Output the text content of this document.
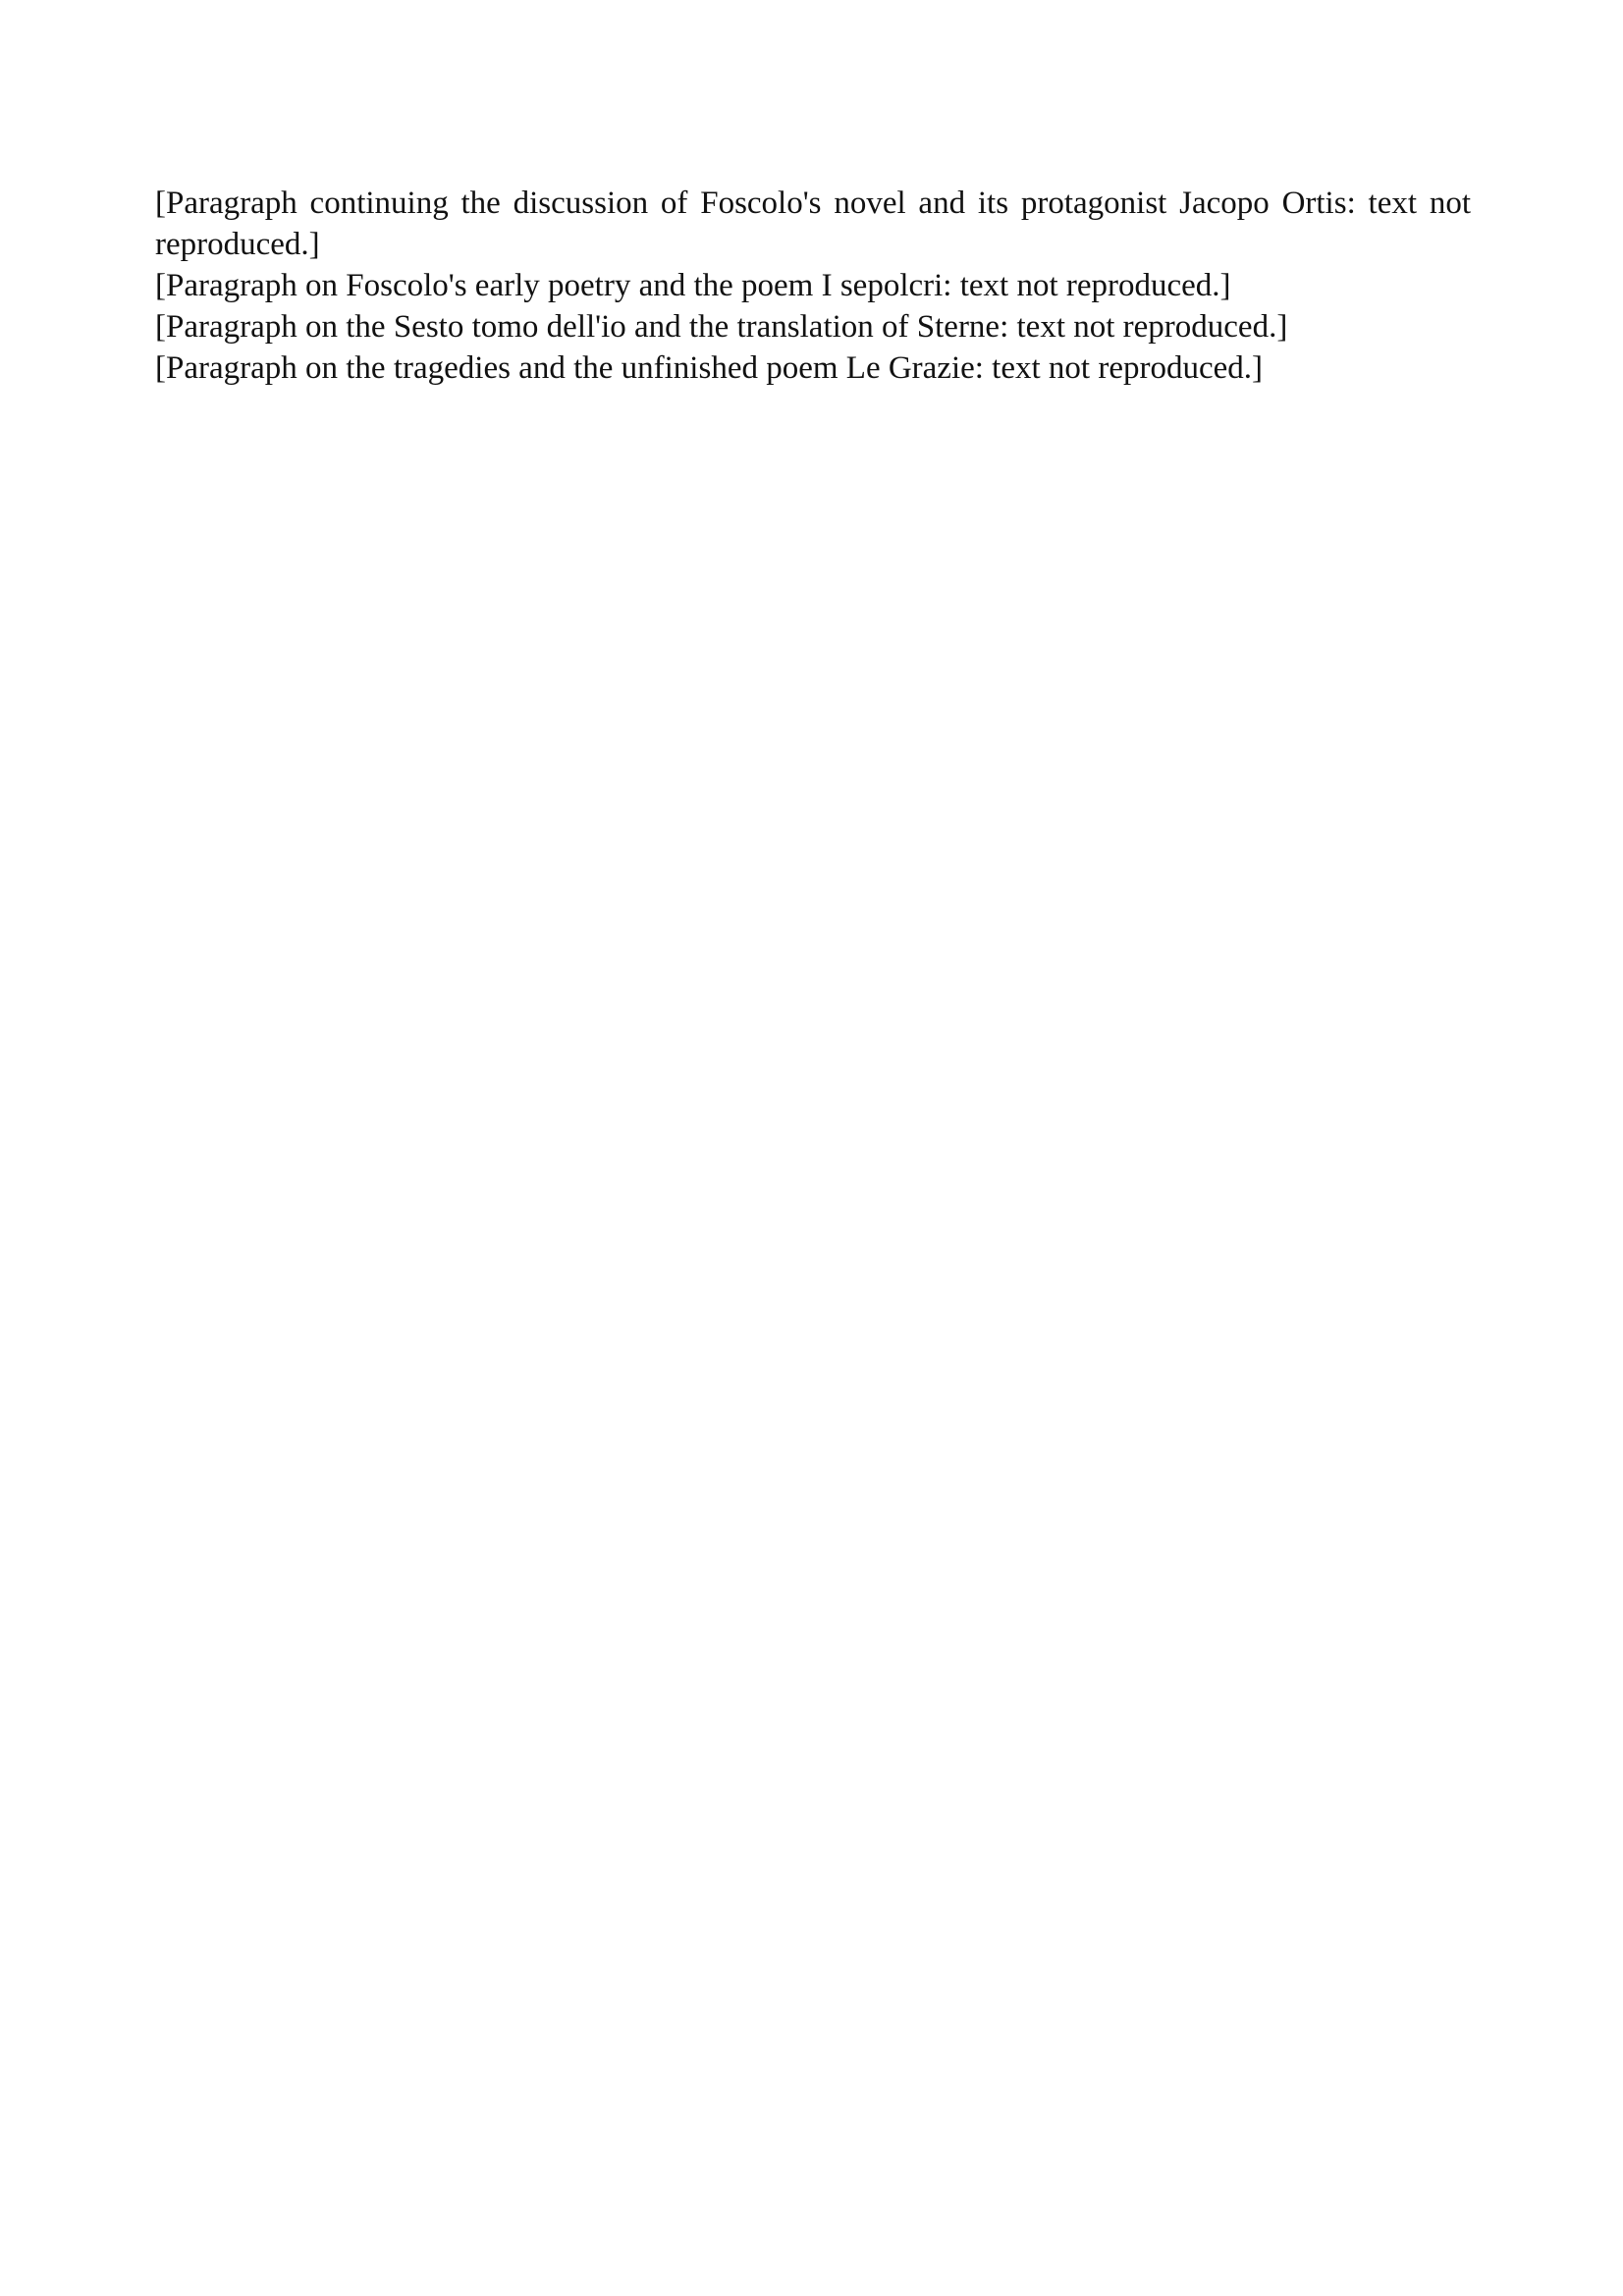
[Paragraph continuing the discussion of Foscolo's novel and its protagonist Jacopo Ortis: text not reproduced.]

[Paragraph on Foscolo's early poetry and the poem I sepolcri: text not reproduced.]

[Paragraph on the Sesto tomo dell'io and the translation of Sterne: text not reproduced.]

[Paragraph on the tragedies and the unfinished poem Le Grazie: text not reproduced.]
